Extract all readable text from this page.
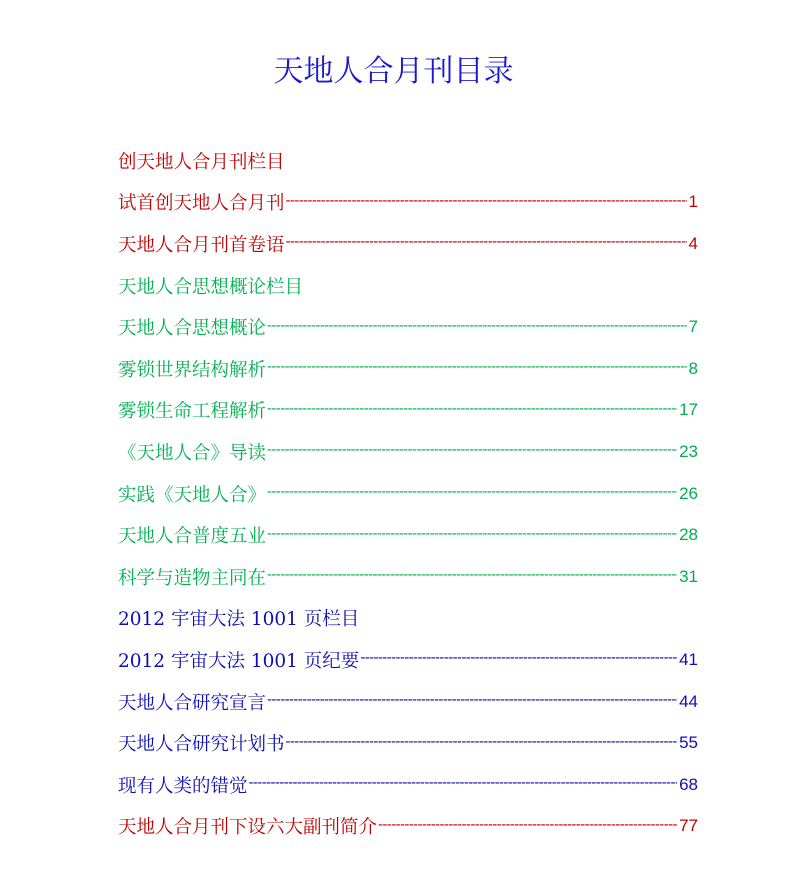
天地人合月刊目录
创天地人合月刊栏目
试首创天地人合月刊 -----	1
天地人合月刊首卷语 -----	4
天地人合思想概论栏目
天地人合思想概论 -----	7
雾锁世界结构解析 -----	8
雾锁生命工程解析 -----	17
《天地人合》导读 -----	23
实践《天地人合》 -----	26
天地人合普度五业 -----	28
科学与造物主同在 -----	31
2012 宇宙大法 1001 页栏目
2012 宇宙大法 1001 页纪要 -----	41
天地人合研究宣言 -----	44
天地人合研究计划书 -----	55
现有人类的错觉 -----	68
天地人合月刊下设六大副刊简介 -----	77
